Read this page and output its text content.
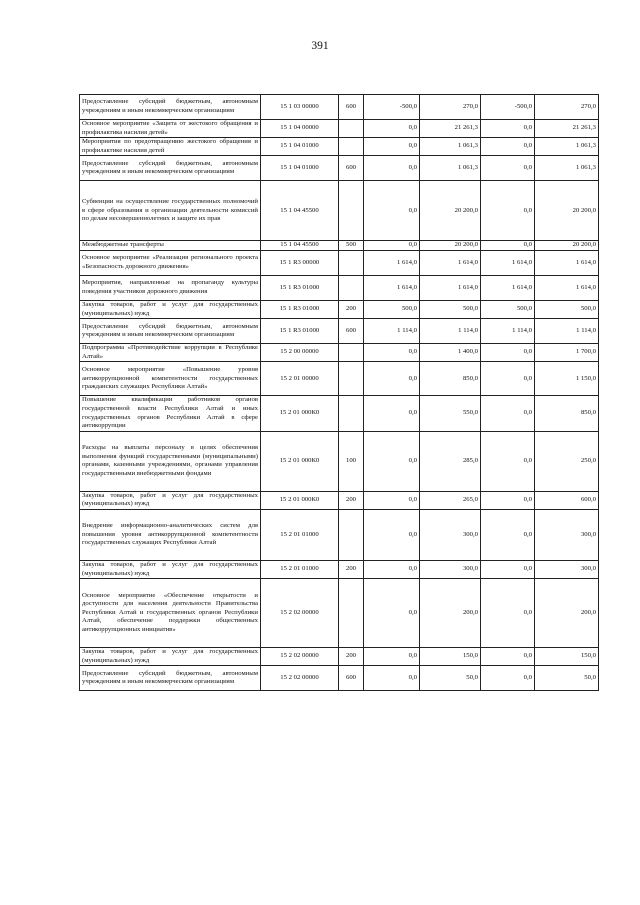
391
Предоставление субсидий бюджетным, автономным учреждениям и иным некоммерческим организациям	15 1 03 00000	600	-500,0	270,0	-500,0	270,0
Основное мероприятие «Защита от жестокого обращения и профилактика насилия детей»	15 1 04 00000		0,0	21 261,3	0,0	21 261,3
Мероприятия по предотвращению жестокого обращения и профилактике насилия детей	15 1 04 01000		0,0	1 061,3	0,0	1 061,3
Предоставление субсидий бюджетным, автономным учреждениям и иным некоммерческим организациям	15 1 04 01000	600	0,0	1 061,3	0,0	1 061,3
Субвенции на осуществление государственных полномочий в сфере образования и организации деятельности комиссий по делам несовершеннолетних и защите их прав	15 1 04 45500		0,0	20 200,0	0,0	20 200,0
Межбюджетные трансферты	15 1 04 45500	500	0,0	20 200,0	0,0	20 200,0
Основное мероприятие «Реализация регионального проекта «Безопасность дорожного движения»	15 1 R3 00000		1 614,0	1 614,0	1 614,0	1 614,0
Мероприятия, направленные на пропаганду культуры поведения участников дорожного движения	15 1 R3 01000		1 614,0	1 614,0	1 614,0	1 614,0
Закупка товаров, работ и услуг для государственных (муниципальных) нужд	15 1 R3 01000	200	500,0	500,0	500,0	500,0
Предоставление субсидий бюджетным, автономным учреждениям и иным некоммерческим организациям	15 1 R3 01000	600	1 114,0	1 114,0	1 114,0	1 114,0
Подпрограмма «Противодействие коррупции в Республике Алтай»	15 2 00 00000		0,0	1 400,0	0,0	1 700,0
Основное мероприятие «Повышение уровня антикоррупционной компетентности государственных гражданских служащих Республики Алтай»	15 2 01 00000		0,0	850,0	0,0	1 150,0
Повышение квалификации работников органов государственной власти Республики Алтай и иных государственных органов Республики Алтай в сфере антикоррупции	15 2 01 000К0		0,0	550,0	0,0	850,0
Расходы на выплаты персоналу в целях обеспечения выполнения функций государственными (муниципальными) органами, казенными учреждениями, органами управления государственными внебюджетными фондами	15 2 01 000К0	100	0,0	285,0	0,0	250,0
Закупка товаров, работ и услуг для государственных (муниципальных) нужд	15 2 01 000К0	200	0,0	265,0	0,0	600,0
Внедрение информационно-аналитических систем для повышения уровня антикоррупционной компетентности государственных служащих Республики Алтай	15 2 01 01000		0,0	300,0	0,0	300,0
Закупка товаров, работ и услуг для государственных (муниципальных) нужд	15 2 01 01000	200	0,0	300,0	0,0	300,0
Основное мероприятие «Обеспечение открытости и доступности для населения деятельности Правительства Республики Алтай и государственных органов Республики Алтай, обеспечение поддержки общественных антикоррупционных инициатив»	15 2 02 00000		0,0	200,0	0,0	200,0
Закупка товаров, работ и услуг для государственных (муниципальных) нужд	15 2 02 00000	200	0,0	150,0	0,0	150,0
Предоставление субсидий бюджетным, автономным учреждениям и иным некоммерческим организациям	15 2 02 00000	600	0,0	50,0	0,0	50,0
